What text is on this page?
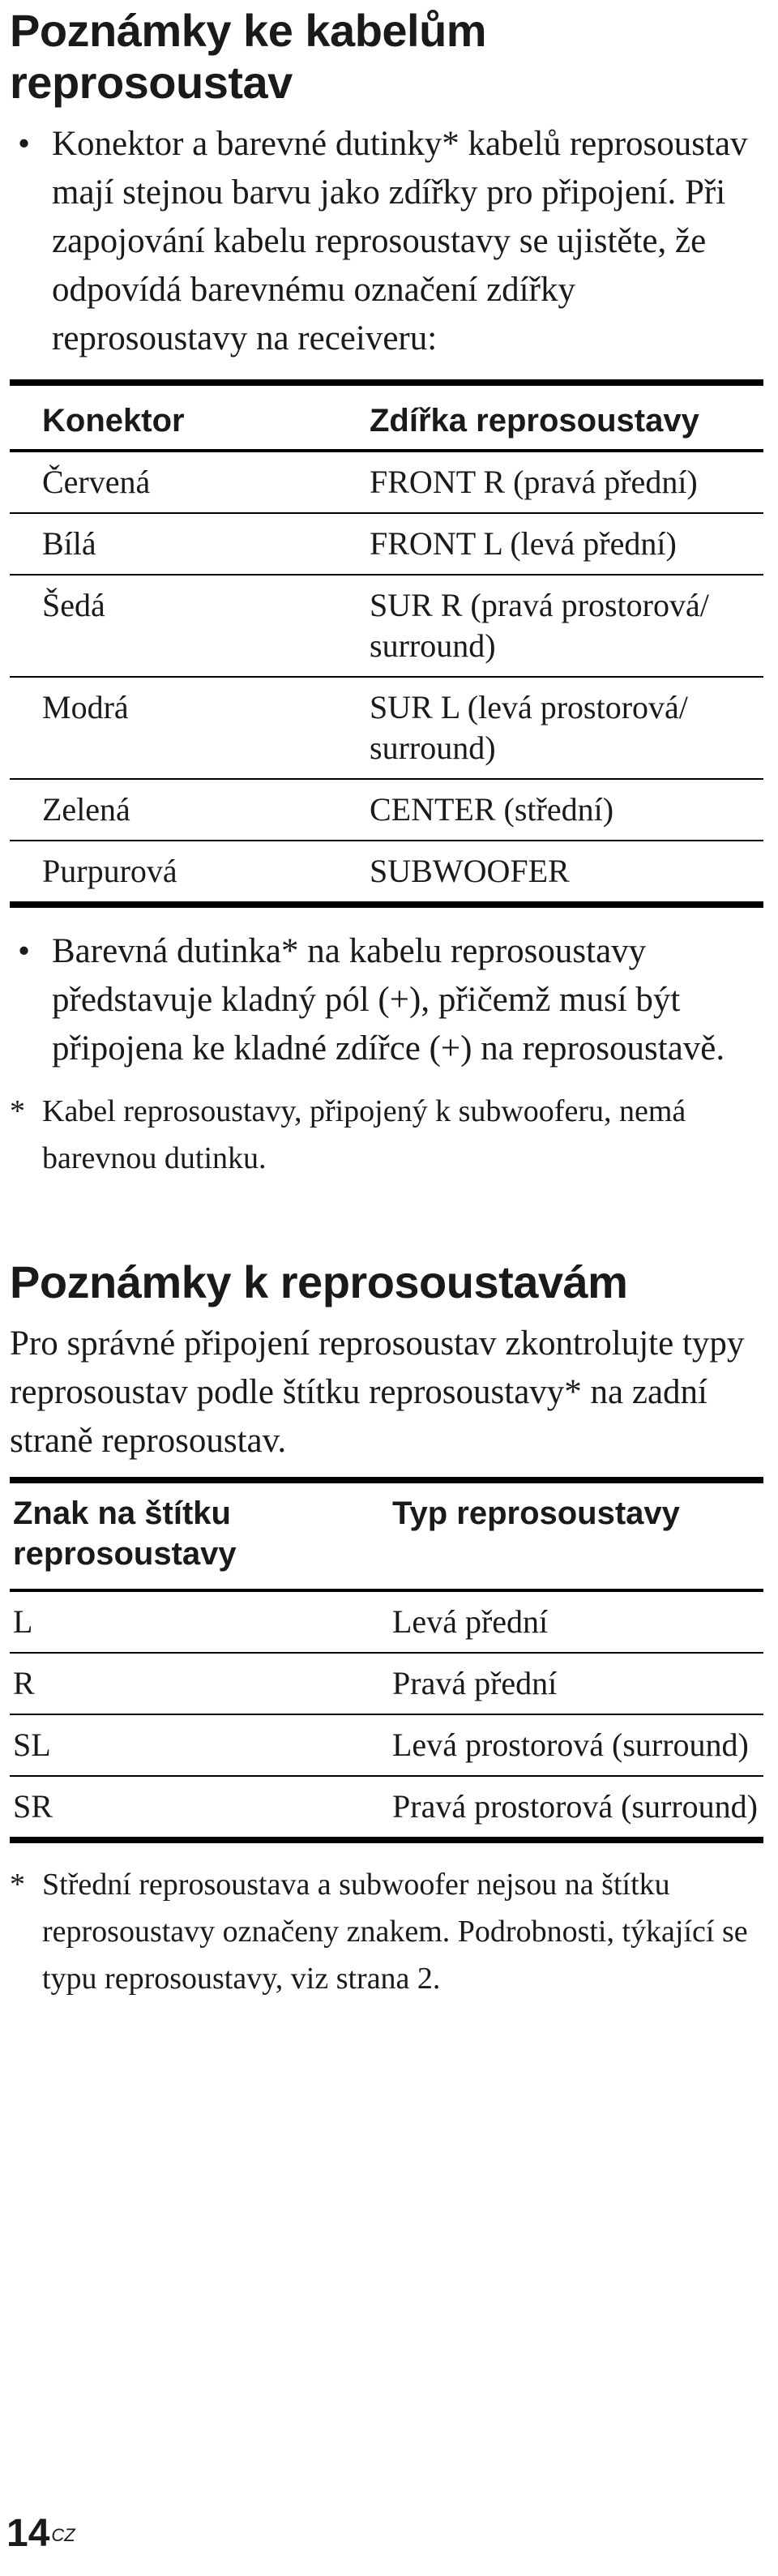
Poznámky ke kabelům reprosoustav

• Konektor a barevné dutinky* kabelů reprosoustav mají stejnou barvu jako zdířky pro připojení. Při zapojování kabelu reprosoustavy se ujistěte, že odpovídá barevnému označení zdířky reprosoustavy na receiveru:

Konektor	Zdířka reprosoustavy
Červená	FRONT R (pravá přední)
Bílá	FRONT L (levá přední)
Šedá	SUR R (pravá prostorová/ surround)
Modrá	SUR L (levá prostorová/ surround)
Zelená	CENTER (střední)
Purpurová	SUBWOOFER

• Barevná dutinka* na kabelu reprosoustavy představuje kladný pól (+), přičemž musí být připojena ke kladné zdířce (+) na reprosoustavě.

* Kabel reprosoustavy, připojený k subwooferu, nemá barevnou dutinku.

Poznámky k reprosoustavám

Pro správné připojení reprosoustav zkontrolujte typy reprosoustav podle štítku reprosoustavy* na zadní straně reprosoustav.

Znak na štítku reprosoustavy	Typ reprosoustavy
L	Levá přední
R	Pravá přední
SL	Levá prostorová (surround)
SR	Pravá prostorová (surround)

* Střední reprosoustava a subwoofer nejsou na štítku reprosoustavy označeny znakem. Podrobnosti, týkající se typu reprosoustavy, viz strana 2.

$14^{CZ}$
